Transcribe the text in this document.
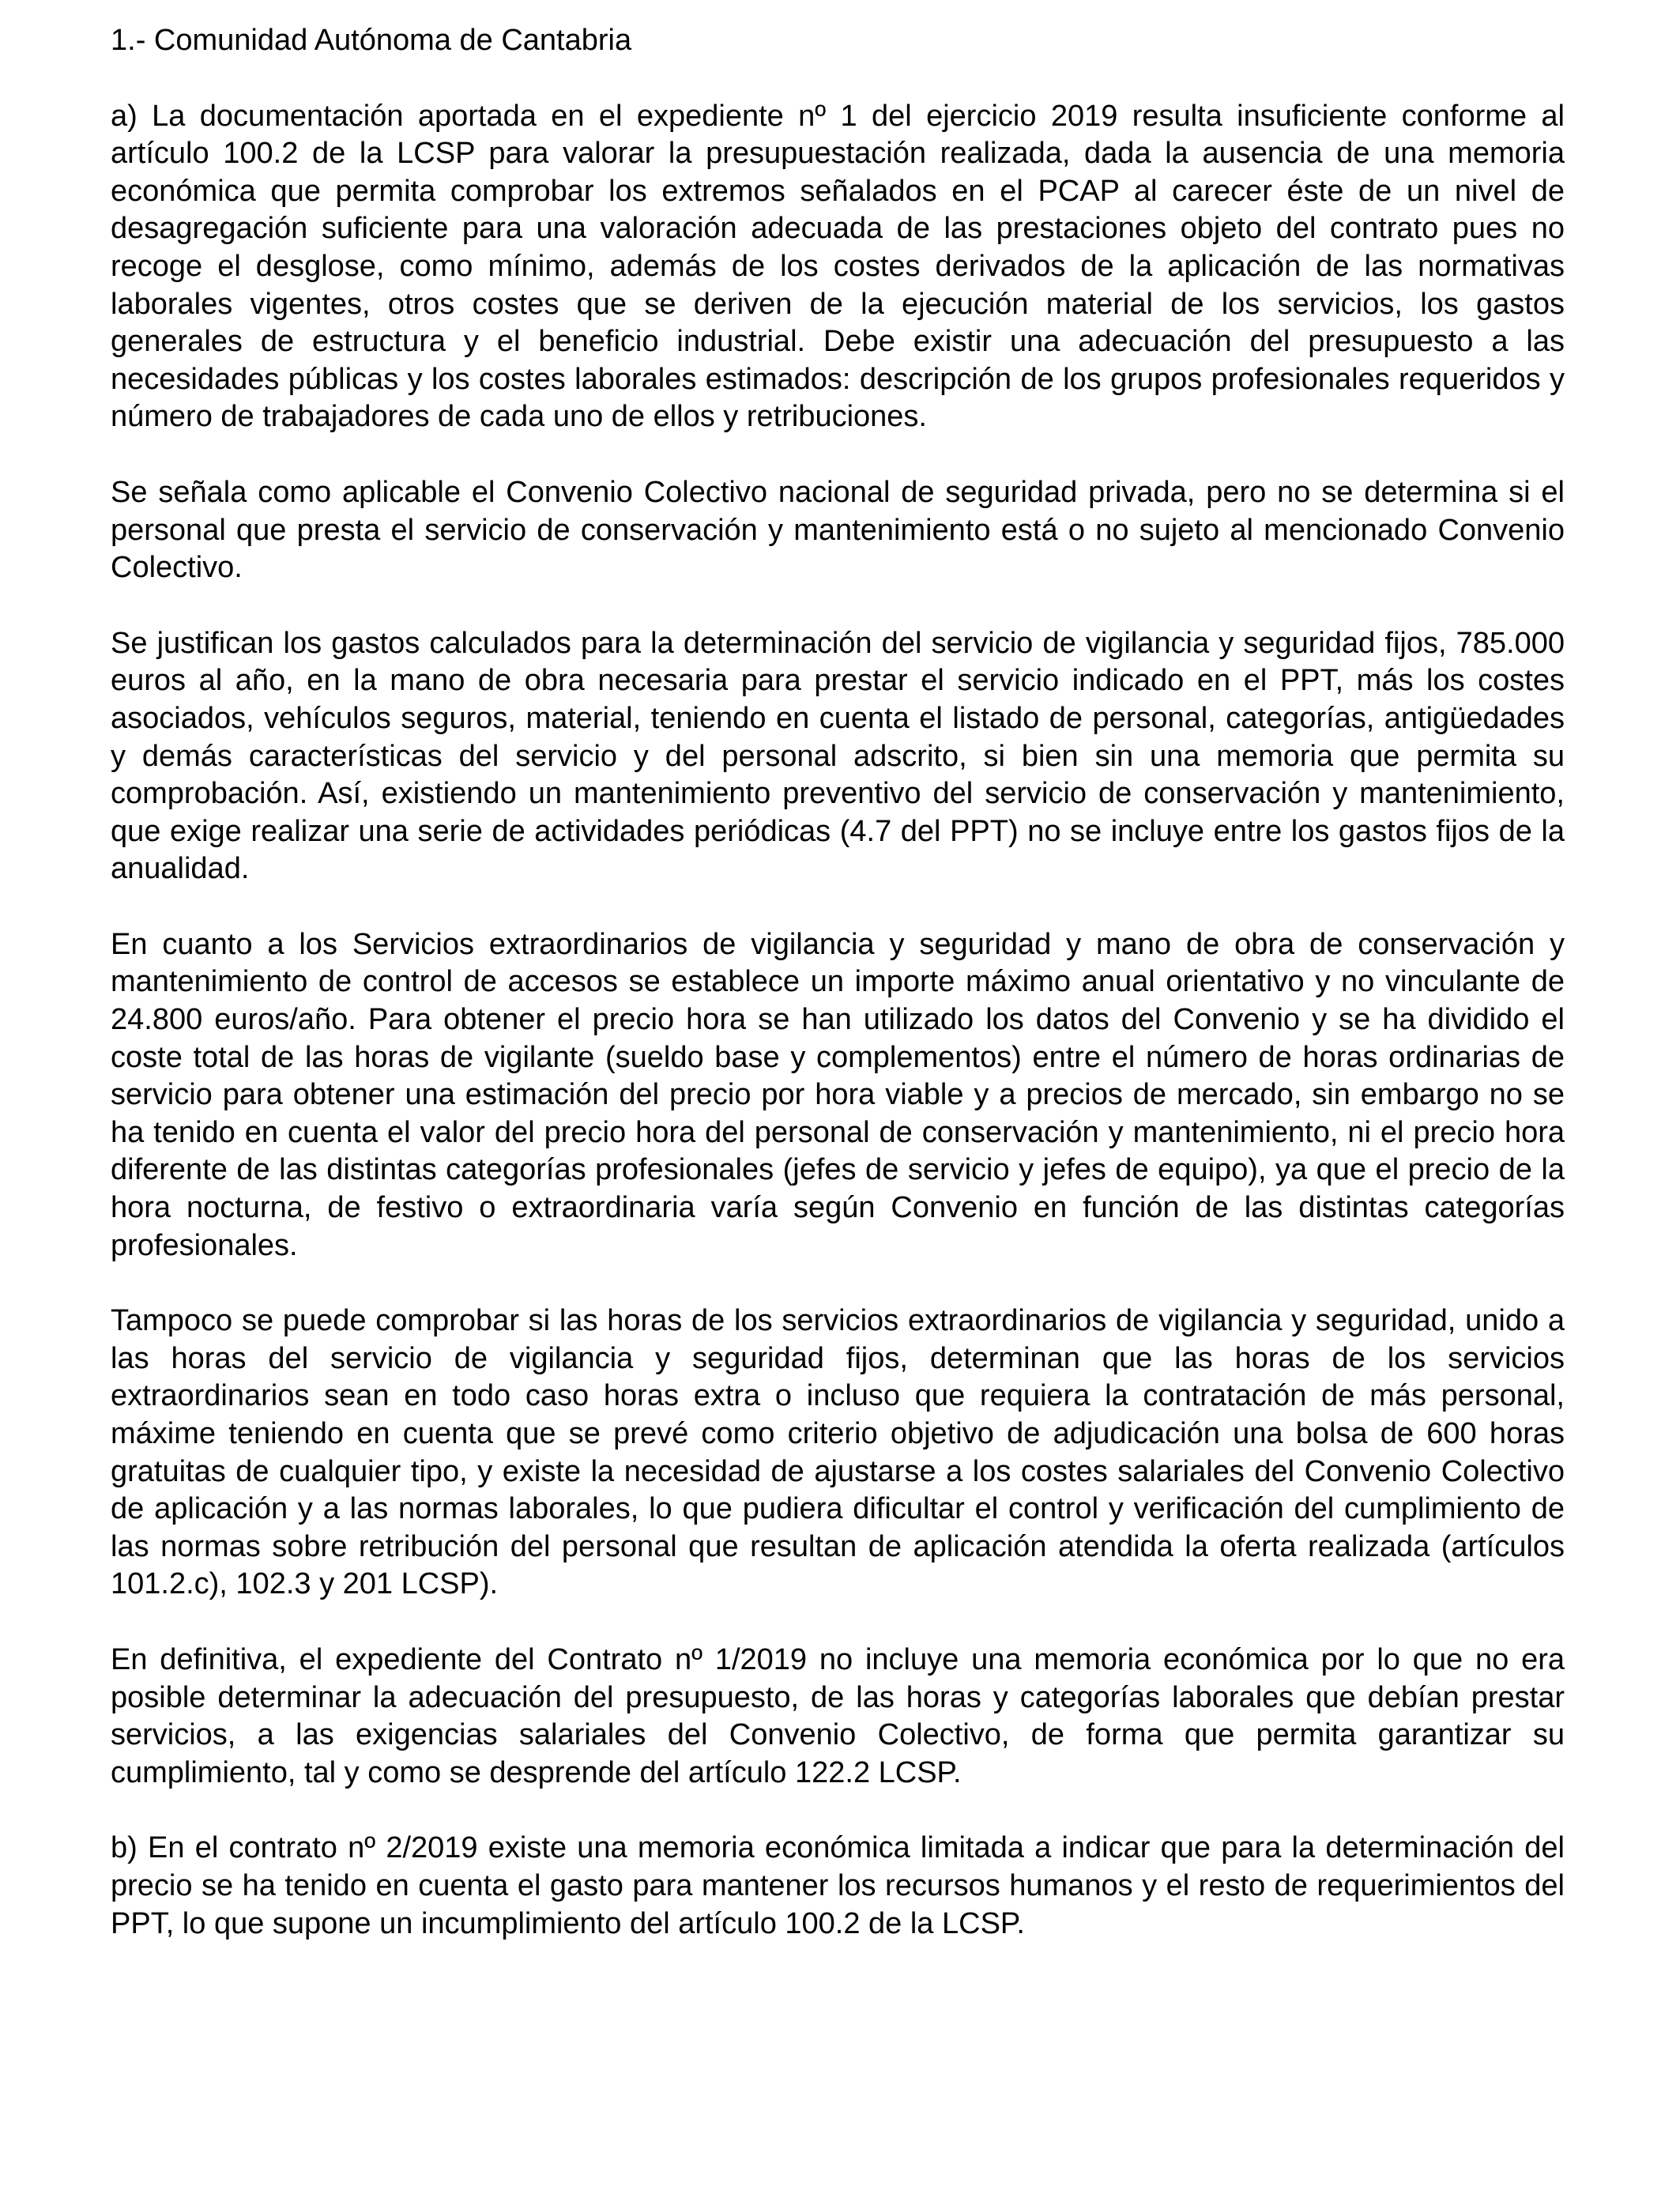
1.- Comunidad Autónoma de Cantabria
a) La documentación aportada en el expediente nº 1 del ejercicio 2019 resulta insuficiente conforme al artículo 100.2 de la LCSP para valorar la presupuestación realizada, dada la ausencia de una memoria económica que permita comprobar los extremos señalados en el PCAP al carecer éste de un nivel de desagregación suficiente para una valoración adecuada de las prestaciones objeto del contrato pues no recoge el desglose, como mínimo, además de los costes derivados de la aplicación de las normativas laborales vigentes, otros costes que se deriven de la ejecución material de los servicios, los gastos generales de estructura y el beneficio industrial. Debe existir una adecuación del presupuesto a las necesidades públicas y los costes laborales estimados: descripción de los grupos profesionales requeridos y número de trabajadores de cada uno de ellos y retribuciones.
Se señala como aplicable el Convenio Colectivo nacional de seguridad privada, pero no se determina si el personal que presta el servicio de conservación y mantenimiento está o no sujeto al mencionado Convenio Colectivo.
Se justifican los gastos calculados para la determinación del servicio de vigilancia y seguridad fijos, 785.000 euros al año, en la mano de obra necesaria para prestar el servicio indicado en el PPT, más los costes asociados, vehículos seguros, material, teniendo en cuenta el listado de personal, categorías, antigüedades y demás características del servicio y del personal adscrito, si bien sin una memoria que permita su comprobación. Así, existiendo un mantenimiento preventivo del servicio de conservación y mantenimiento, que exige realizar una serie de actividades periódicas (4.7 del PPT) no se incluye entre los gastos fijos de la anualidad.
En cuanto a los Servicios extraordinarios de vigilancia y seguridad y mano de obra de conservación y mantenimiento de control de accesos se establece un importe máximo anual orientativo y no vinculante de 24.800 euros/año. Para obtener el precio hora se han utilizado los datos del Convenio y se ha dividido el coste total de las horas de vigilante (sueldo base y complementos) entre el número de horas ordinarias de servicio para obtener una estimación del precio por hora viable y a precios de mercado, sin embargo no se ha tenido en cuenta el valor del precio hora del personal de conservación y mantenimiento, ni el precio hora diferente de las distintas categorías profesionales (jefes de servicio y jefes de equipo), ya que el precio de la hora nocturna, de festivo o extraordinaria varía según Convenio en función de las distintas categorías profesionales.
Tampoco se puede comprobar si las horas de los servicios extraordinarios de vigilancia y seguridad, unido a las horas del servicio de vigilancia y seguridad fijos, determinan que las horas de los servicios extraordinarios sean en todo caso horas extra o incluso que requiera la contratación de más personal, máxime teniendo en cuenta que se prevé como criterio objetivo de adjudicación una bolsa de 600 horas gratuitas de cualquier tipo, y existe la necesidad de ajustarse a los costes salariales del Convenio Colectivo de aplicación y a las normas laborales, lo que pudiera dificultar el control y verificación del cumplimiento de las normas sobre retribución del personal que resultan de aplicación atendida la oferta realizada (artículos 101.2.c), 102.3 y 201 LCSP).
En definitiva, el expediente del Contrato nº 1/2019 no incluye una memoria económica por lo que no era posible determinar la adecuación del presupuesto, de las horas y categorías laborales que debían prestar servicios, a las exigencias salariales del Convenio Colectivo, de forma que permita garantizar su cumplimiento, tal y como se desprende del artículo 122.2 LCSP.
b) En el contrato nº 2/2019 existe una memoria económica limitada a indicar que para la determinación del precio se ha tenido en cuenta el gasto para mantener los recursos humanos y el resto de requerimientos del PPT, lo que supone un incumplimiento del artículo 100.2 de la LCSP.
